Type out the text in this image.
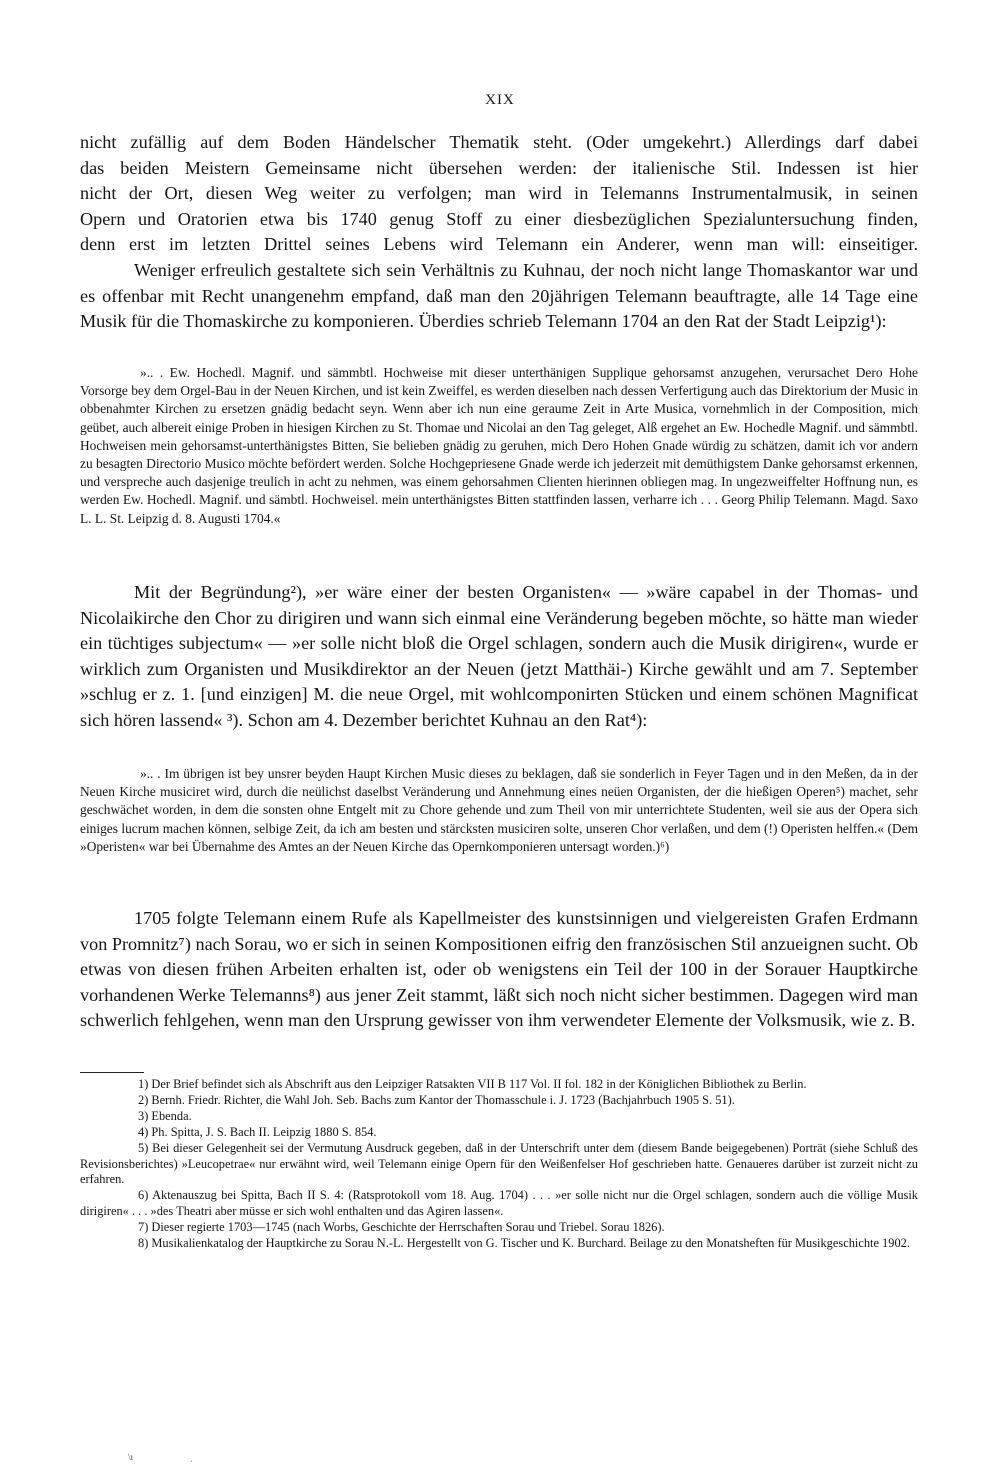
XIX
nicht zufällig auf dem Boden Händelscher Thematik steht. (Oder umgekehrt.) Allerdings darf dabei
das beiden Meistern Gemeinsame nicht übersehen werden: der italienische Stil. Indessen ist hier
nicht der Ort, diesen Weg weiter zu verfolgen; man wird in Telemanns Instrumentalmusik, in seinen
Opern und Oratorien etwa bis 1740 genug Stoff zu einer diesbezüglichen Spezialuntersuchung finden,
denn erst im letzten Drittel seines Lebens wird Telemann ein Anderer, wenn man will: einseitiger.

Weniger erfreulich gestaltete sich sein Verhältnis zu Kuhnau, der noch nicht lange Thomaskantor war und es offenbar mit Recht unangenehm empfand, daß man den 20jährigen Telemann beauftragte, alle 14 Tage eine Musik für die Thomaskirche zu komponieren. Überdies schrieb Telemann 1704 an den Rat der Stadt Leipzig¹):

».. . Ew. Hochedl. Magnif. und sämmbtl. Hochweise mit dieser unterthänigen Supplique gehorsamst anzugehen, verursachet Dero Hohe Vorsorge bey dem Orgel-Bau in der Neuen Kirchen, und ist kein Zweiffel, es werden dieselben nach dessen Verfertigung auch das Direktorium der Music in obbenahmter Kirchen zu ersetzen gnädig bedacht seyn. Wenn aber ich nun eine geraume Zeit in Arte Musica, vornehmlich in der Composition, mich geübet, auch albereit einige Proben in hiesigen Kirchen zu St. Thomae und Nicolai an den Tag geleget, Alß ergehet an Ew. Hochedle Magnif. und sämmbtl. Hochweisen mein gehorsamst-unterthänigstes Bitten, Sie belieben gnädig zu geruhen, mich Dero Hohen Gnade würdig zu schätzen, damit ich vor andern zu besagten Directorio Musico möchte befördert werden. Solche Hochgepriesene Gnade werde ich jederzeit mit demüthigstem Danke gehorsamst erkennen, und verspreche auch dasjenige treulich in acht zu nehmen, was einem gehorsahmen Clienten hierinnen obliegen mag. In ungezweiffelter Hoffnung nun, es werden Ew. Hochedl. Magnif. und sämbtl. Hochweisel. mein unterthänigstes Bitten stattfinden lassen, verharre ich . . . Georg Philip Telemann. Magd. Saxo L. L. St. Leipzig d. 8. Augusti 1704.«

Mit der Begründung²), »er wäre einer der besten Organisten« — »wäre capabel in der Thomas- und Nicolaikirche den Chor zu dirigiren und wann sich einmal eine Veränderung begeben möchte, so hätte man wieder ein tüchtiges subjectum« — »er solle nicht bloß die Orgel schlagen, sondern auch die Musik dirigiren«, wurde er wirklich zum Organisten und Musikdirektor an der Neuen (jetzt Matthäi-) Kirche gewählt und am 7. September »schlug er z. 1. [und einzigen] M. die neue Orgel, mit wohlcomponirten Stücken und einem schönen Magnificat sich hören lassend« ³). Schon am 4. Dezember berichtet Kuhnau an den Rat⁴):

».. . Im übrigen ist bey unsrer beyden Haupt Kirchen Music dieses zu beklagen, daß sie sonderlich in Feyer Tagen und in den Meßen, da in der Neuen Kirche musiciret wird, durch die neülichst daselbst Veränderung und Annehmung eines neüen Organisten, der die hießigen Operen⁵) machet, sehr geschwächet worden, in dem die sonsten ohne Entgelt mit zu Chore gehende und zum Theil von mir unterrichtete Studenten, weil sie aus der Opera sich einiges lucrum machen können, selbige Zeit, da ich am besten und stärcksten musiciren solte, unseren Chor verlaßen, und dem (!) Operisten helffen.« (Dem »Operisten« war bei Übernahme des Amtes an der Neuen Kirche das Opernkomponieren untersagt worden.)⁶)

1705 folgte Telemann einem Rufe als Kapellmeister des kunstsinnigen und vielgereisten Grafen Erdmann von Promnitz⁷) nach Sorau, wo er sich in seinen Kompositionen eifrig den französischen Stil anzueignen sucht. Ob etwas von diesen frühen Arbeiten erhalten ist, oder ob wenigstens ein Teil der 100 in der Sorauer Hauptkirche vorhandenen Werke Telemanns⁸) aus jener Zeit stammt, läßt sich noch nicht sicher bestimmen. Dagegen wird man schwerlich fehlgehen, wenn man den Ursprung gewisser von ihm verwendeter Elemente der Volksmusik, wie z. B.

1) Der Brief befindet sich als Abschrift aus den Leipziger Ratsakten VII B 117 Vol. II fol. 182 in der Königlichen Bibliothek zu Berlin.

2) Bernh. Friedr. Richter, die Wahl Joh. Seb. Bachs zum Kantor der Thomasschule i. J. 1723 (Bachjahrbuch 1905 S. 51).

3) Ebenda.

4) Ph. Spitta, J. S. Bach II. Leipzig 1880 S. 854.

5) Bei dieser Gelegenheit sei der Vermutung Ausdruck gegeben, daß in der Unterschrift unter dem (diesem Bande beigegebenen) Porträt (siehe Schluß des Revisionsberichtes) »Leucopetrae« nur erwähnt wird, weil Telemann einige Opern für den Weißenfelser Hof geschrieben hatte. Genaueres darüber ist zurzeit nicht zu erfahren.

6) Aktenauszug bei Spitta, Bach II S. 4: (Ratsprotokoll vom 18. Aug. 1704) . . . »er solle nicht nur die Orgel schlagen, sondern auch die völlige Musik dirigiren« . . . »des Theatri aber müsse er sich wohl enthalten und das Agiren lassen«.

7) Dieser regierte 1703—1745 (nach Worbs, Geschichte der Herrschaften Sorau und Triebel. Sorau 1826).

8) Musikalienkatalog der Hauptkirche zu Sorau N.-L. Hergestellt von G. Tischer und K. Burchard. Beilage zu den Monatsheften für Musikgeschichte 1902.

\ı	ˌ
